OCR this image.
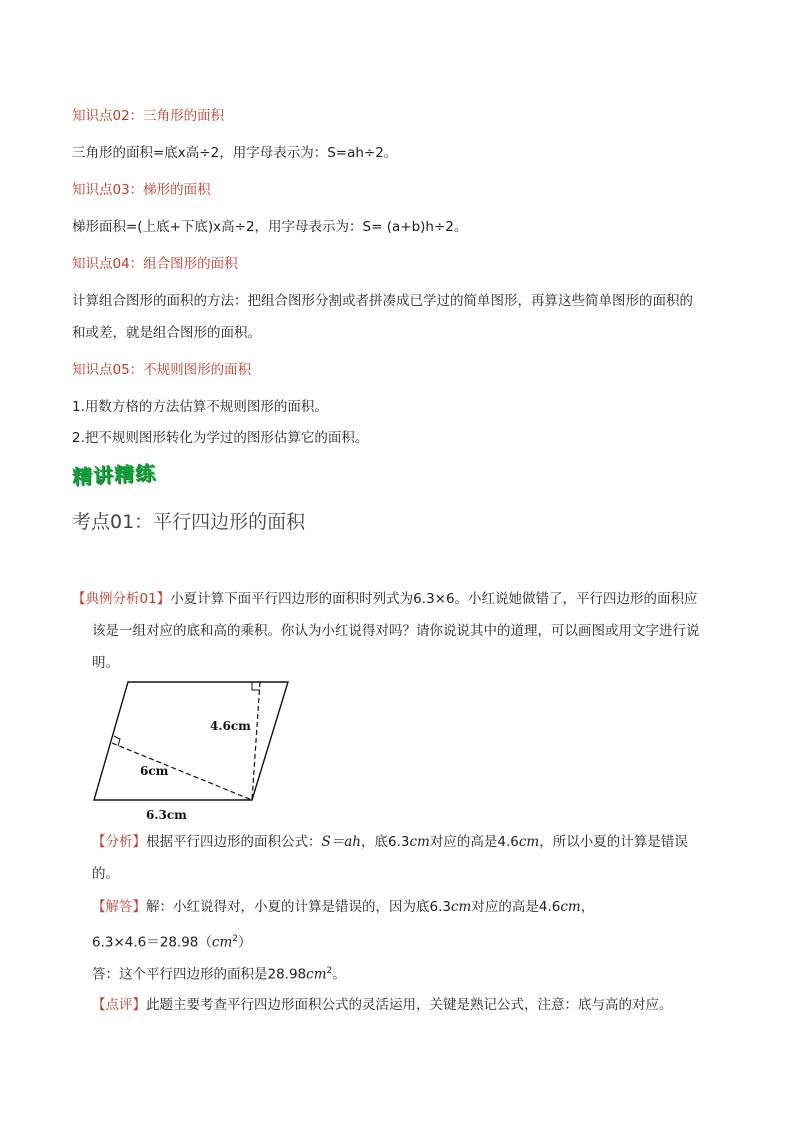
知识点02：三角形的面积
三角形的面积=底x高÷2，用字母表示为：S=ah÷2。
知识点03：梯形的面积
梯形面积=(上底+下底)x高÷2，用字母表示为：S= (a+b)h÷2。
知识点04：组合图形的面积
计算组合图形的面积的方法：把组合图形分割或者拼凑成已学过的简单图形，再算这些简单图形的面积的
和或差，就是组合图形的面积。
知识点05：不规则图形的面积
1.用数方格的方法估算不规则图形的面积。
2.把不规则图形转化为学过的图形估算它的面积。
精讲精练
考点01：平行四边形的面积
【典例分析01】小夏计算下面平行四边形的面积时列式为6.3×6。小红说她做错了，平行四边形的面积应
该是一组对应的底和高的乘积。你认为小红说得对吗？请你说说其中的道理，可以画图或用文字进行说
明。
4.6cm
6cm
6.3cm
【分析】根据平行四边形的面积公式：S＝ah，底6.3cm对应的高是4.6cm，所以小夏的计算是错误
的。
【解答】解：小红说得对，小夏的计算是错误的，因为底6.3cm对应的高是4.6cm，
$6.3\times 4.6=28.98(cm^2)$
答：这个平行四边形的面积是$28.98cm^2$。
【点评】此题主要考查平行四边形面积公式的灵活运用，关键是熟记公式，注意：底与高的对应。
